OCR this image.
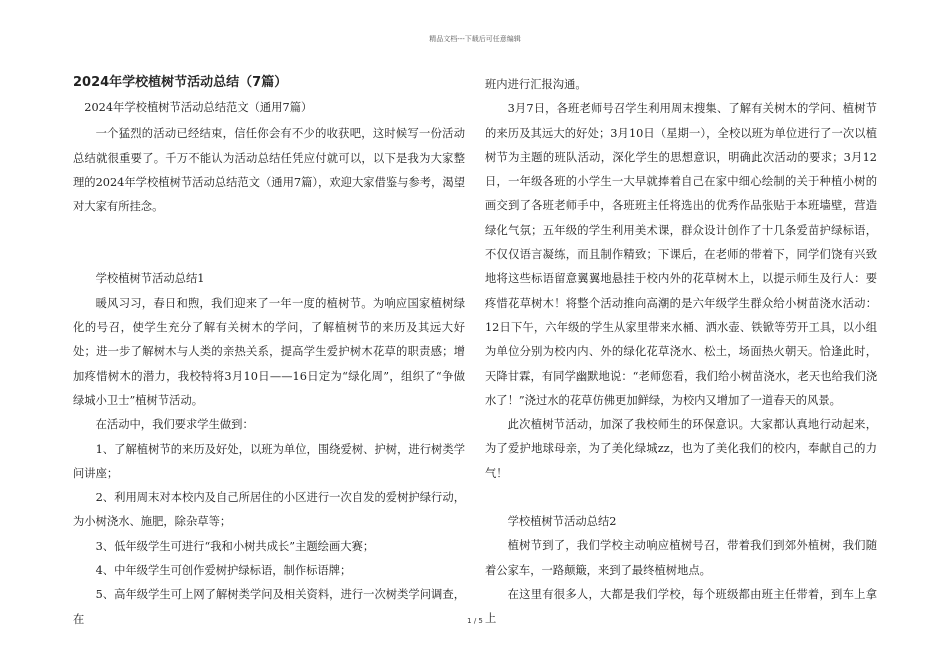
精品文档---下载后可任意编辑

2024年学校植树节活动总结（7篇）

2024年学校植树节活动总结范文（通用7篇）

一个猛烈的活动已经结束，信任你会有不少的收获吧，这时候写一份活动总结就很重要了。千万不能认为活动总结任凭应付就可以，以下是我为大家整理的2024年学校植树节活动总结范文（通用7篇），欢迎大家借鉴与参考，渴望对大家有所挂念。

学校植树节活动总结1

暖风习习，春日和煦，我们迎来了一年一度的植树节。为响应国家植树绿化的号召，使学生充分了解有关树木的学问，了解植树节的来历及其远大好处；进一步了解树木与人类的亲热关系，提高学生爱护树木花草的职责感；增加疼惜树木的潜力，我校特将3月10日——16日定为“绿化周”，组织了“争做绿城小卫士”植树节活动。

在活动中，我们要求学生做到：

1、了解植树节的来历及好处，以班为单位，围绕爱树、护树，进行树类学问讲座；

2、利用周末对本校内及自己所居住的小区进行一次自发的爱树护绿行动，为小树浇水、施肥，除杂草等；

3、低年级学生可进行“我和小树共成长”主题绘画大赛；

4、中年级学生可创作爱树护绿标语，制作标语牌；

5、高年级学生可上网了解树类学问及相关资料，进行一次树类学问调查，在

班内进行汇报沟通。

3月7日，各班老师号召学生利用周末搜集、了解有关树木的学问、植树节的来历及其远大的好处；3月10日（星期一），全校以班为单位进行了一次以植树节为主题的班队活动，深化学生的思想意识，明确此次活动的要求；3月12日，一年级各班的小学生一大早就捧着自己在家中细心绘制的关于种植小树的画交到了各班老师手中，各班班主任将选出的优秀作品张贴于本班墙壁，营造绿化气氛；五年级的学生利用美术课，群众设计创作了十几条爱苗护绿标语，不仅仅语言凝练，而且制作精致；下课后，在老师的带着下，同学们饶有兴致地将这些标语留意翼翼地悬挂于校内外的花草树木上，以提示师生及行人：要疼惜花草树木！将整个活动推向高潮的是六年级学生群众给小树苗浇水活动：12日下午，六年级的学生从家里带来水桶、洒水壶、铁锨等劳开工具，以小组为单位分别为校内内、外的绿化花草浇水、松土，场面热火朝天。恰逢此时，天降甘霖，有同学幽默地说：“老师您看，我们给小树苗浇水，老天也给我们浇水了！”浇过水的花草仿佛更加鲜绿，为校内又增加了一道春天的风景。

此次植树节活动，加深了我校师生的环保意识。大家都认真地行动起来，为了爱护地球母亲，为了美化绿城zz，也为了美化我们的校内，奉献自己的力气！

学校植树节活动总结2

植树节到了，我们学校主动响应植树号召，带着我们到郊外植树，我们随着公家车，一路颠簸，来到了最终植树地点。

在这里有很多人，大都是我们学校，每个班级都由班主任带着，到车上拿上

1 / 5
